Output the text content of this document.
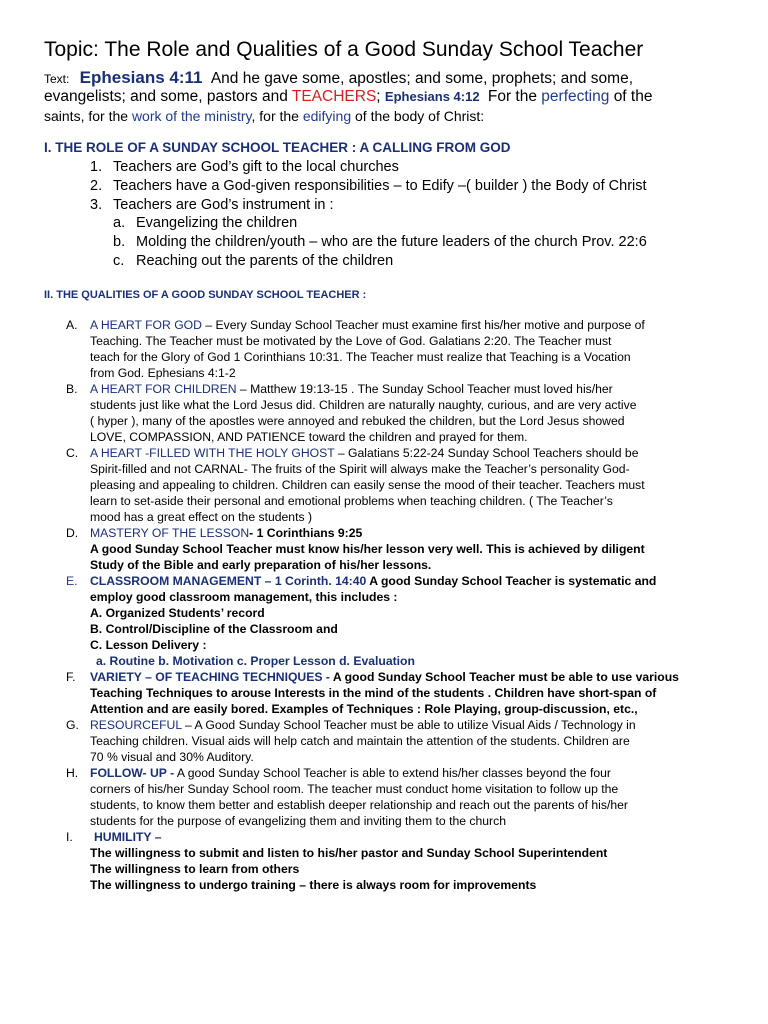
Topic: The Role and Qualities of a Good Sunday School Teacher
Text: Ephesians 4:11 And he gave some, apostles; and some, prophets; and some,
evangelists; and some, pastors and TEACHERS; Ephesians 4:12 For the perfecting of the
saints, for the work of the ministry, for the edifying of the body of Christ:
I. THE ROLE OF A SUNDAY SCHOOL TEACHER : A CALLING FROM GOD
1. Teachers are God’s gift to the local churches
2. Teachers have a God-given responsibilities – to Edify –( builder ) the Body of Christ
3. Teachers are God’s instrument in :
a. Evangelizing the children
b. Molding the children/youth – who are the future leaders of the church Prov. 22:6
c. Reaching out the parents of the children
II. THE QUALITIES OF A GOOD SUNDAY SCHOOL TEACHER :
A. A HEART FOR GOD – Every Sunday School Teacher must examine first his/her motive and purpose of
Teaching. The Teacher must be motivated by the Love of God. Galatians 2:20. The Teacher must
teach for the Glory of God 1 Corinthians 10:31. The Teacher must realize that Teaching is a Vocation
from God. Ephesians 4:1-2
B. A HEART FOR CHILDREN – Matthew 19:13-15 . The Sunday School Teacher must loved his/her
students just like what the Lord Jesus did. Children are naturally naughty, curious, and are very active
( hyper ), many of the apostles were annoyed and rebuked the children, but the Lord Jesus showed
LOVE, COMPASSION, AND PATIENCE toward the children and prayed for them.
C. A HEART -FILLED WITH THE HOLY GHOST – Galatians 5:22-24 Sunday School Teachers should be
Spirit-filled and not CARNAL- The fruits of the Spirit will always make the Teacher’s personality God-
pleasing and appealing to children. Children can easily sense the mood of their teacher. Teachers must
learn to set-aside their personal and emotional problems when teaching children. ( The Teacher’s
mood has a great effect on the students )
D. MASTERY OF THE LESSON- 1 Corinthians 9:25
A good Sunday School Teacher must know his/her lesson very well. This is achieved by diligent
Study of the Bible and early preparation of his/her lessons.
E. CLASSROOM MANAGEMENT – 1 Corinth. 14:40 A good Sunday School Teacher is systematic and
employ good classroom management, this includes :
A. Organized Students’ record
B. Control/Discipline of the Classroom and
C. Lesson Delivery :
a. Routine b. Motivation c. Proper Lesson d. Evaluation
F. VARIETY – OF TEACHING TECHNIQUES - A good Sunday School Teacher must be able to use various
Teaching Techniques to arouse Interests in the mind of the students . Children have short-span of
Attention and are easily bored. Examples of Techniques : Role Playing, group-discussion, etc.,
G. RESOURCEFUL – A Good Sunday School Teacher must be able to utilize Visual Aids / Technology in
Teaching children. Visual aids will help catch and maintain the attention of the students. Children are
70 % visual and 30% Auditory.
H. FOLLOW- UP - A good Sunday School Teacher is able to extend his/her classes beyond the four
corners of his/her Sunday School room. The teacher must conduct home visitation to follow up the
students, to know them better and establish deeper relationship and reach out the parents of his/her
students for the purpose of evangelizing them and inviting them to the church
I. HUMILITY –
The willingness to submit and listen to his/her pastor and Sunday School Superintendent
The willingness to learn from others
The willingness to undergo training – there is always room for improvements
